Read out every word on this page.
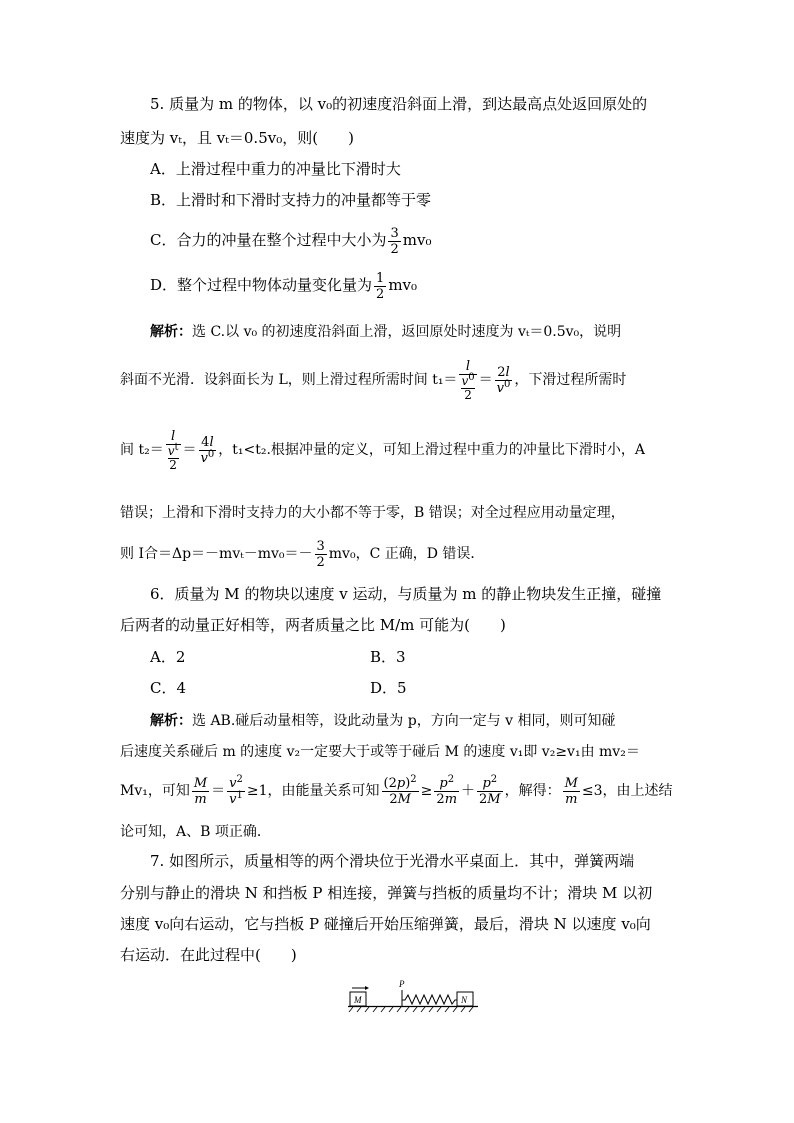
5. 质量为 m 的物体，以 v₀的初速度沿斜面上滑，到达最高点处返回原处的
速度为 vₜ，且 vₜ＝0.5v₀，则(　　)
A．上滑过程中重力的冲量比下滑时大
B．上滑时和下滑时支持力的冲量都等于零
C．合力的冲量在整个过程中大小为 $\frac{3}{2} mv_0$
D．整个过程中物体动量变化量为 $\frac{1}{2} mv_0$
解析：选 C.以 v₀ 的初速度沿斜面上滑，返回原处时速度为 vₜ＝0.5v₀，说明
斜面不光滑．设斜面长为 L，则上滑过程所需时间 $t_1= \frac{l}{\frac{v^0}{2}} = \frac{2l}{v^0}$ ，下滑过程所需时
间 $t_2= \frac{l}{\frac{v^t}{2}} = \frac{4l}{v^0}$ ，t₁<t₂.根据冲量的定义，可知上滑过程中重力的冲量比下滑时小，A
错误；上滑和下滑时支持力的大小都不等于零，B 错误；对全过程应用动量定理，
则 I合$=\Delta p=-mv_t-mv_0=- \frac{3}{2} mv_0$，C 正确，D 错误．
6．质量为 M 的物块以速度 v 运动，与质量为 m 的静止物块发生正撞，碰撞
后两者的动量正好相等，两者质量之比 M/m 可能为(　　)
A．2	B．3
C．4	D．5
解析：选 AB.碰后动量相等，设此动量为 p，方向一定与 v 相同，则可知碰
后速度关系碰后 m 的速度 v₂一定要大于或等于碰后 M 的速度 v₁即 v₂≥v₁由 mv₂＝
Mv₁，可知 $\frac{M}{m} = \frac{v^2}{v^1} \ge 1$，由能量关系可知 $\frac{(2p)^2}{2M} \ge \frac{p^2}{2m} + \frac{p^2}{2M}$ ，解得： $\frac{M}{m} \le 3$，由上述结
论可知，A、B 项正确．
7. 如图所示，质量相等的两个滑块位于光滑水平桌面上．其中，弹簧两端
分别与静止的滑块 N 和挡板 P 相连接，弹簧与挡板的质量均不计；滑块 M 以初
速度 v₀向右运动，它与挡板 P 碰撞后开始压缩弹簧，最后，滑块 N 以速度 v₀向
右运动．在此过程中(　　)
M
P
N
